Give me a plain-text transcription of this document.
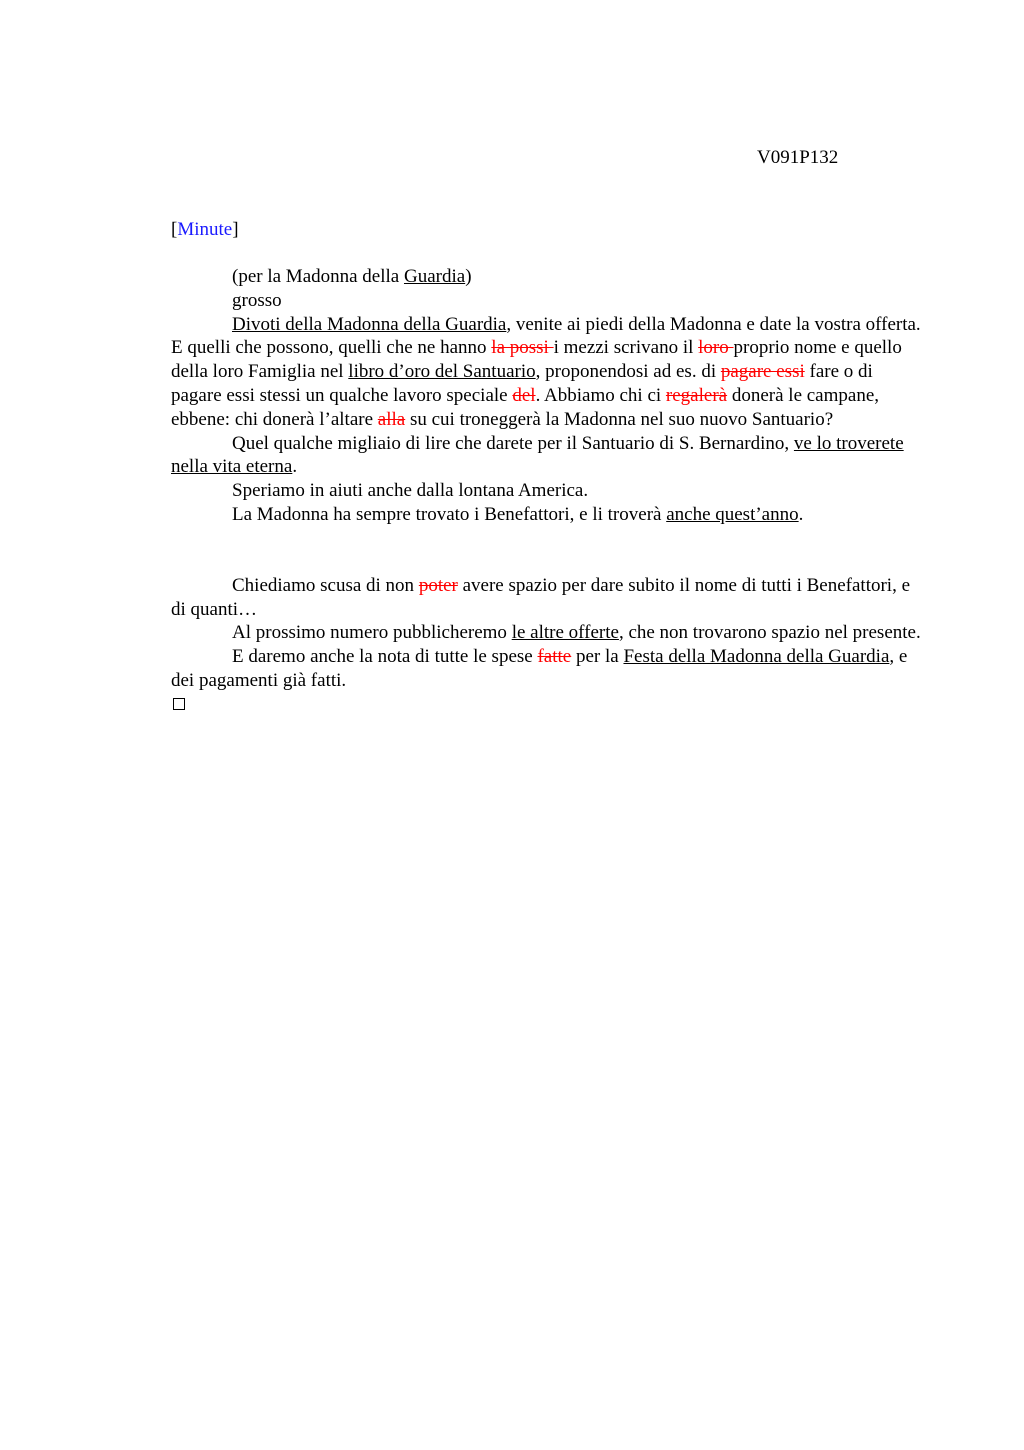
V091P132
[Minute]

(per la Madonna della Guardia)

grosso

Divoti della Madonna della Guardia, venite ai piedi della Madonna e date la vostra offerta. E quelli che possono, quelli che ne hanno la possi i mezzi scrivano il loro proprio nome e quello della loro Famiglia nel libro d’oro del Santuario, proponendosi ad es. di pagare essi fare o di pagare essi stessi un qualche lavoro speciale del. Abbiamo chi ci regalerà donerà le campane, ebbene: chi donerà l’altare alla su cui troneggerà la Madonna nel suo nuovo Santuario?

Quel qualche migliaio di lire che darete per il Santuario di S. Bernardino, ve lo troverete nella vita eterna.

Speriamo in aiuti anche dalla lontana America.

La Madonna ha sempre trovato i Benefattori, e li troverà anche quest’anno.

Chiediamo scusa di non poter avere spazio per dare subito il nome di tutti i Benefattori, e di quanti…

Al prossimo numero pubblicheremo le altre offerte, che non trovarono spazio nel presente.

E daremo anche la nota di tutte le spese fatte per la Festa della Madonna della Guardia, e dei pagamenti già fatti.
